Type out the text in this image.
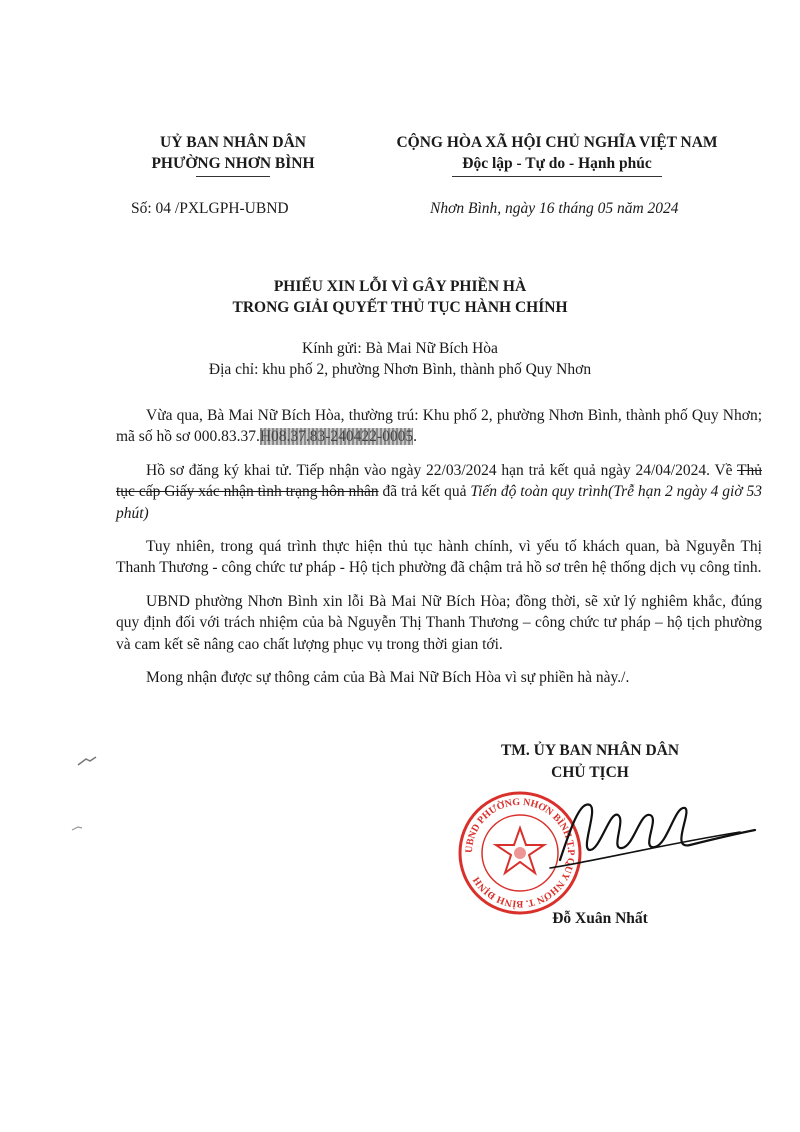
UỶ BAN NHÂN DÂN
PHƯỜNG NHƠN BÌNH
CỘNG HÒA XÃ HỘI CHỦ NGHĨA VIỆT NAM
Độc lập - Tự do - Hạnh phúc
Số: 04 /PXLGPH-UBND	Nhơn Bình, ngày 16 tháng 05 năm 2024
PHIẾU XIN LỖI VÌ GÂY PHIỀN HÀ
TRONG GIẢI QUYẾT THỦ TỤC HÀNH CHÍNH
Kính gửi: Bà Mai Nữ Bích Hòa
Địa chỉ: khu phố 2, phường Nhơn Bình, thành phố Quy Nhơn

Vừa qua, Bà Mai Nữ Bích Hòa, thường trú: Khu phố 2, phường Nhơn Bình, thành phố Quy Nhơn; mã số hồ sơ 000.83.37.H08.37.83-240422-0005.

Hồ sơ đăng ký khai tử. Tiếp nhận vào ngày 22/03/2024 hạn trả kết quả ngày 24/04/2024. Về Thủ tục cấp Giấy xác nhận tình trạng hôn nhân đã trả kết quả Tiến độ toàn quy trình(Trễ hạn 2 ngày 4 giờ 53 phút)

Tuy nhiên, trong quá trình thực hiện thủ tục hành chính, vì yếu tố khách quan, bà Nguyễn Thị Thanh Thương - công chức tư pháp - Hộ tịch phường đã chậm trả hồ sơ trên hệ thống dịch vụ công tỉnh.

UBND phường Nhơn Bình xin lỗi Bà Mai Nữ Bích Hòa; đồng thời, sẽ xử lý nghiêm khắc, đúng quy định đối với trách nhiệm của bà Nguyễn Thị Thanh Thương – công chức tư pháp – hộ tịch phường và cam kết sẽ nâng cao chất lượng phục vụ trong thời gian tới.

Mong nhận được sự thông cảm của Bà Mai Nữ Bích Hòa vì sự phiền hà này./.

TM. ỦY BAN NHÂN DÂN
CHỦ TỊCH
UBND PHƯỜNG NHƠN BÌNH T.P QUY NHƠN T. BÌNH ĐỊNH
Đỗ Xuân Nhất
